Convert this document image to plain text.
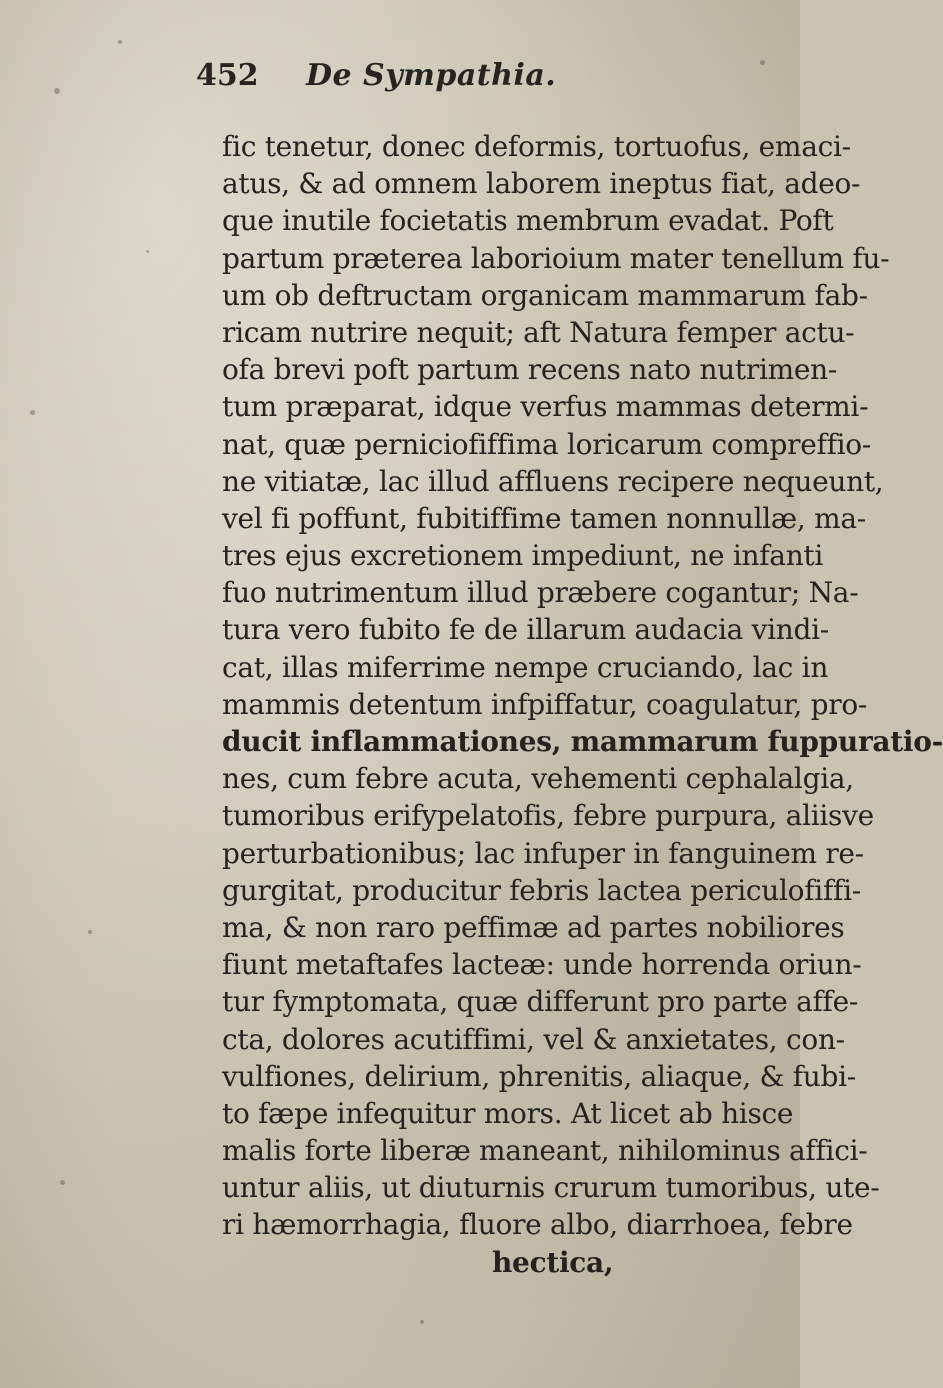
452	De Sympathia.
fic tenetur, donec deformis, tortuofus, emaci-
atus, & ad omnem laborem ineptus fiat, adeo-
que inutile focietatis membrum evadat. Poft
partum præterea laborioium mater tenellum fu-
um ob deftructam organicam mammarum fab-
ricam nutrire nequit; aft Natura femper actu-
ofa brevi poft partum recens nato nutrimen-
tum præparat, idque verfus mammas determi-
nat, quæ perniciofiffima loricarum compreffio-
ne vitiatæ, lac illud affluens recipere nequeunt,
vel fi poffunt, fubitiffime tamen nonnullæ, ma-
tres ejus excretionem impediunt, ne infanti
fuo nutrimentum illud præbere cogantur; Na-
tura vero fubito fe de illarum audacia vindi-
cat, illas miferrime nempe cruciando, lac in
mammis detentum infpiffatur, coagulatur, pro-
ducit inflammationes, mammarum fuppuratio-
nes, cum febre acuta, vehementi cephalalgia,
tumoribus erifypelatofis, febre purpura, aliisve
perturbationibus; lac infuper in fanguinem re-
gurgitat, producitur febris lactea periculofiffi-
ma, & non raro peffimæ ad partes nobiliores
fiunt metaftafes lacteæ: unde horrenda oriun-
tur fymptomata, quæ differunt pro parte affe-
cta, dolores acutiffimi, vel & anxietates, con-
vulfiones, delirium, phrenitis, aliaque, & fubi-
to fæpe infequitur mors. At licet ab hisce
malis forte liberæ maneant, nihilominus affici-
untur aliis, ut diuturnis crurum tumoribus, ute-
ri hæmorrhagia, fluore albo, diarrhoea, febre
hectica,
